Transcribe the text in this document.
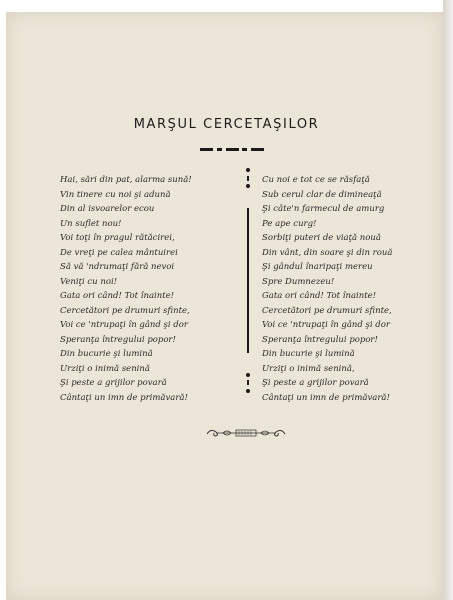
MARŞUL CERCETAŞILOR
Hai, sări din pat, alarma sună!
Vin tinere cu noi şi adună
Din al isvoarelor ecou
Un suflet nou!
Voi toţi în pragul rătăcirei,
De vreţi pe calea mântuirei
Să vă 'ndrumaţi fără nevoi
Veniţi cu noi!
Gata ori când! Tot înainte!
Cercetători pe drumuri sfinte,
Voi ce 'ntrupaţi în gând şi dor
Speranţa întregului popor!
Din bucurie şi lumină
Urziţi o inimă senină
Şi peste a grijilor povară
Cântaţi un imn de primăvară!
Cu noi e tot ce se răsfaţă
Sub cerul clar de dimineaţă
Şi câte'n farmecul de amurg
Pe ape curg!
Sorbiţi puteri de viaţă nouă
Din vânt, din soare şi din rouă
Şi gândul înaripaţi mereu
Spre Dumnezeu!
Gata ori când! Tot înainte!
Cercetători pe drumuri sfinte,
Voi ce 'ntrupaţi în gând şi dor
Speranţa întregului popor!
Din bucurie şi lumină
Urziţi o inimă senină,
Şi peste a grijilor povară
Cântaţi un imn de primăvară!
